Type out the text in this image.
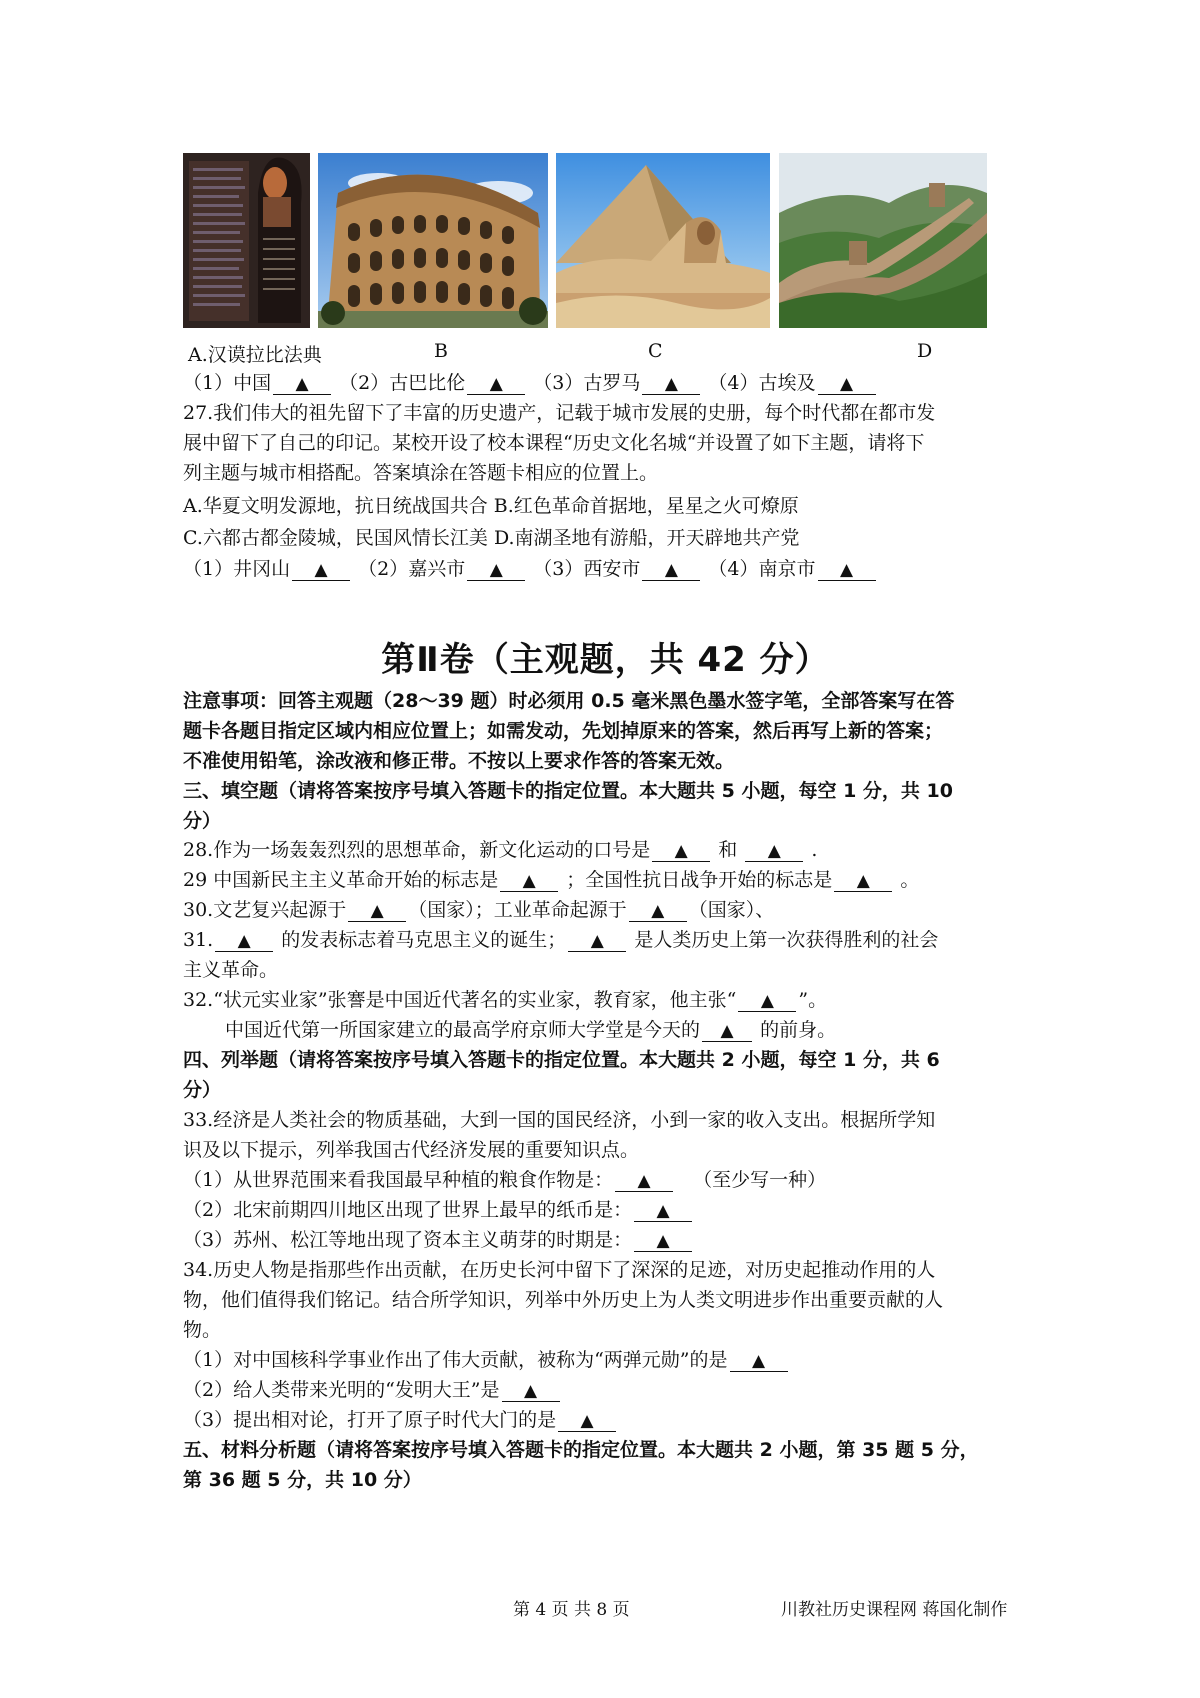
A.汉谟拉比法典	B	C	D
（1）中国 ▲ （2）古巴比伦 ▲ （3）古罗马 ▲ （4）古埃及 ▲
27.我们伟大的祖先留下了丰富的历史遗产，记载于城市发展的史册，每个时代都在都市发
展中留下了自己的印记。某校开设了校本课程“历史文化名城“并设置了如下主题，请将下
列主题与城市相搭配。答案填涂在答题卡相应的位置上。
A.华夏文明发源地，抗日统战国共合 B.红色革命首据地，星星之火可燎原
C.六都古都金陵城，民国风情长江美 D.南湖圣地有游船，开天辟地共产党
（1）井冈山 ▲ （2）嘉兴市 ▲ （3）西安市 ▲ （4）南京市 ▲
第Ⅱ卷（主观题，共 42 分）
注意事项：回答主观题（28～39 题）时必须用 0.5 毫米黑色墨水签字笔，全部答案写在答
题卡各题目指定区域内相应位置上；如需发动，先划掉原来的答案，然后再写上新的答案；
不准使用铅笔，涂改液和修正带。不按以上要求作答的答案无效。
三、填空题（请将答案按序号填入答题卡的指定位置。本大题共 5 小题，每空 1 分，共 10
分）
28.作为一场轰轰烈烈的思想革命，新文化运动的口号是 ▲ 和 ▲ .
29 中国新民主主义革命开始的标志是 ▲ ；全国性抗日战争开始的标志是 ▲ 。
30.文艺复兴起源于 ▲ （国家）；工业革命起源于 ▲ （国家）、
31. ▲ 的发表标志着马克思主义的诞生； ▲ 是人类历史上第一次获得胜利的社会
主义革命。
32.“状元实业家”张謇是中国近代著名的实业家，教育家，他主张“ ▲ ”。
中国近代第一所国家建立的最高学府京师大学堂是今天的 ▲ 的前身。
四、列举题（请将答案按序号填入答题卡的指定位置。本大题共 2 小题，每空 1 分，共 6
分）
33.经济是人类社会的物质基础，大到一国的国民经济，小到一家的收入支出。根据所学知
识及以下提示，列举我国古代经济发展的重要知识点。
（1）从世界范围来看我国最早种植的粮食作物是： ▲ （至少写一种）
（2）北宋前期四川地区出现了世界上最早的纸币是： ▲
（3）苏州、松江等地出现了资本主义萌芽的时期是： ▲
34.历史人物是指那些作出贡献，在历史长河中留下了深深的足迹，对历史起推动作用的人
物，他们值得我们铭记。结合所学知识，列举中外历史上为人类文明进步作出重要贡献的人
物。
（1）对中国核科学事业作出了伟大贡献，被称为“两弹元勋”的是 ▲
（2）给人类带来光明的“发明大王”是 ▲
（3）提出相对论，打开了原子时代大门的是 ▲
五、材料分析题（请将答案按序号填入答题卡的指定位置。本大题共 2 小题，第 35 题 5 分，
第 36 题 5 分，共 10 分）
第 4 页 共 8 页	川教社历史课程网 蒋国化制作
